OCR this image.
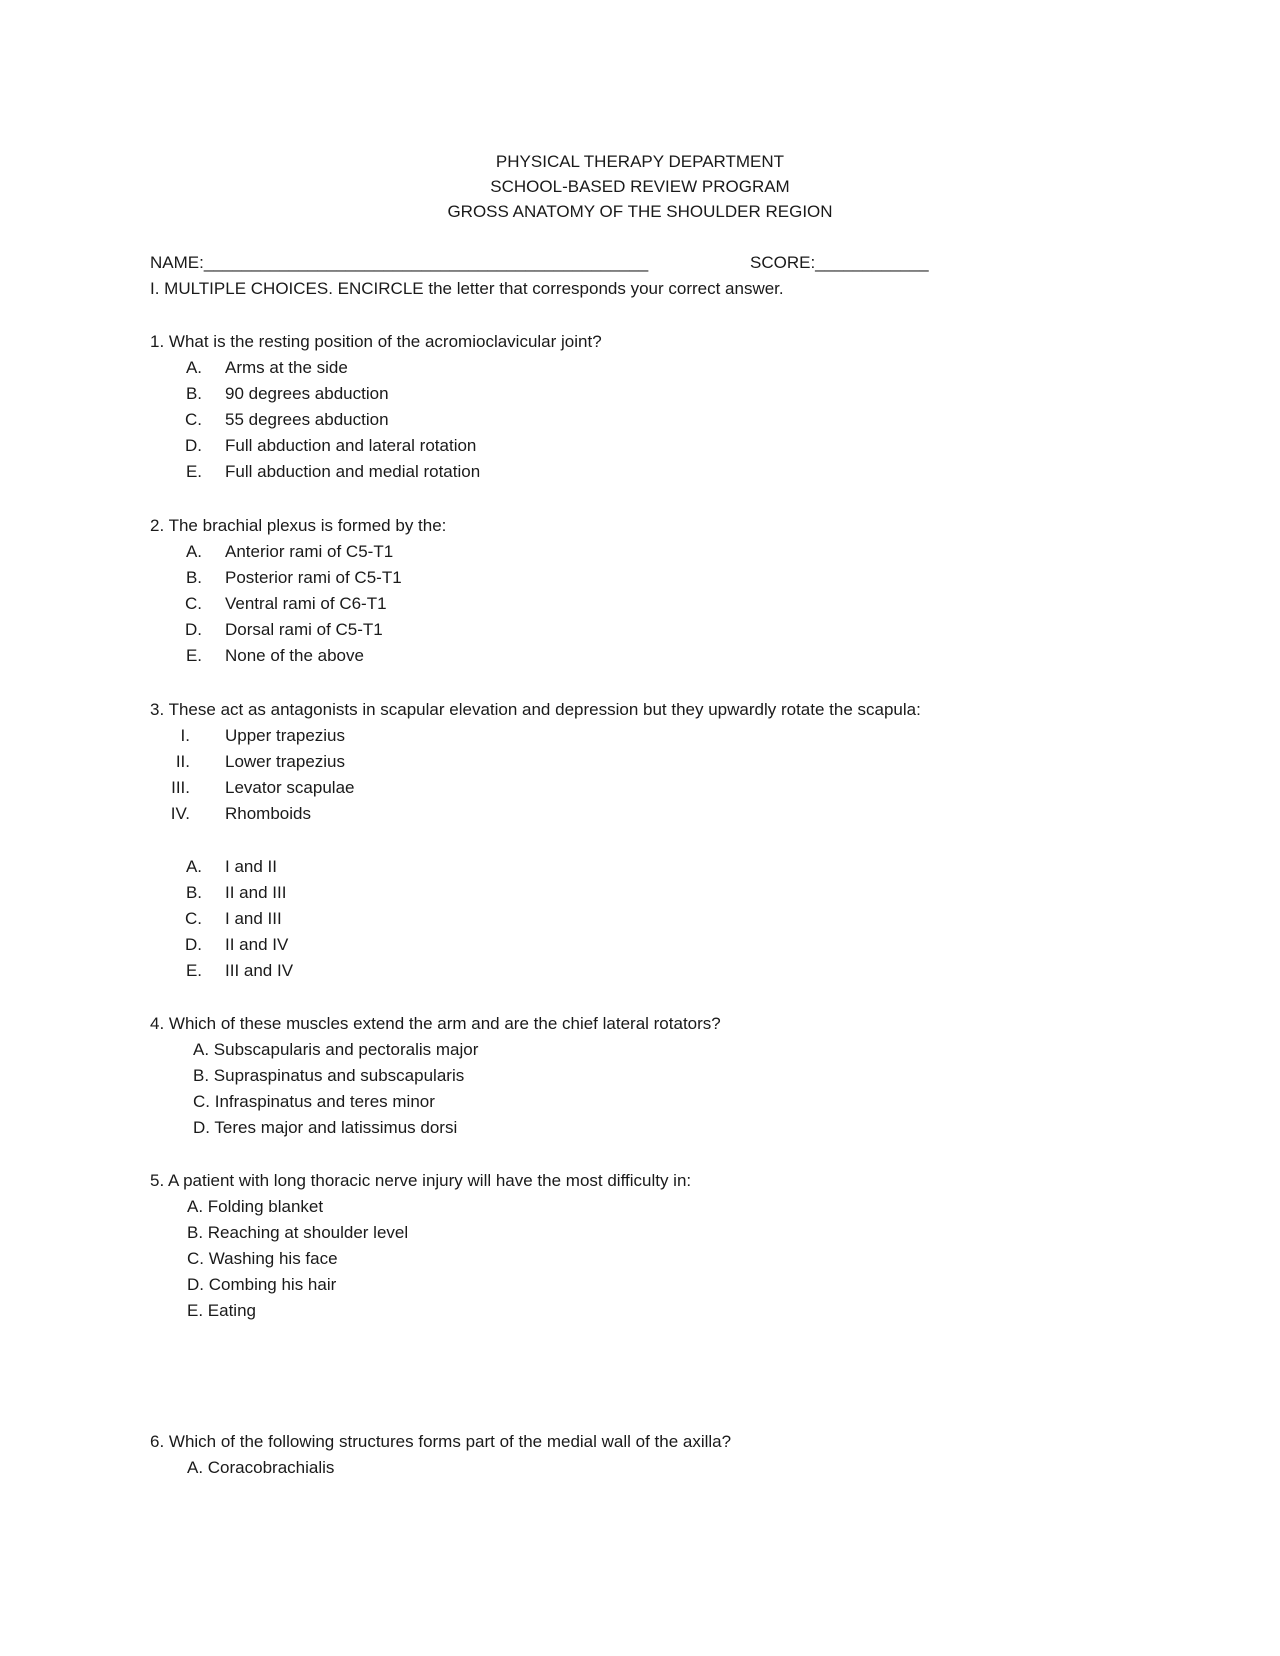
PHYSICAL THERAPY DEPARTMENT
SCHOOL-BASED REVIEW PROGRAM
GROSS ANATOMY OF THE SHOULDER REGION
NAME:_______________________________________________	SCORE:____________
I. MULTIPLE CHOICES. ENCIRCLE the letter that corresponds your correct answer.
1. What is the resting position of the acromioclavicular joint?
A. Arms at the side
B. 90 degrees abduction
C. 55 degrees abduction
D. Full abduction and lateral rotation
E. Full abduction and medial rotation
2. The brachial plexus is formed by the:
A. Anterior rami of C5-T1
B. Posterior rami of C5-T1
C. Ventral rami of C6-T1
D. Dorsal rami of C5-T1
E. None of the above
3. These act as antagonists in scapular elevation and depression but they upwardly rotate the scapula:
I. Upper trapezius
II. Lower trapezius
III. Levator scapulae
IV. Rhomboids
A. I and II
B. II and III
C. I and III
D. II and IV
E. III and IV
4. Which of these muscles extend the arm and are the chief lateral rotators?
A. Subscapularis and pectoralis major
B. Supraspinatus and subscapularis
C. Infraspinatus and teres minor
D. Teres major and latissimus dorsi
5. A patient with long thoracic nerve injury will have the most difficulty in:
A. Folding blanket
B. Reaching at shoulder level
C. Washing his face
D. Combing his hair
E. Eating
6. Which of the following structures forms part of the medial wall of the axilla?
A. Coracobrachialis
